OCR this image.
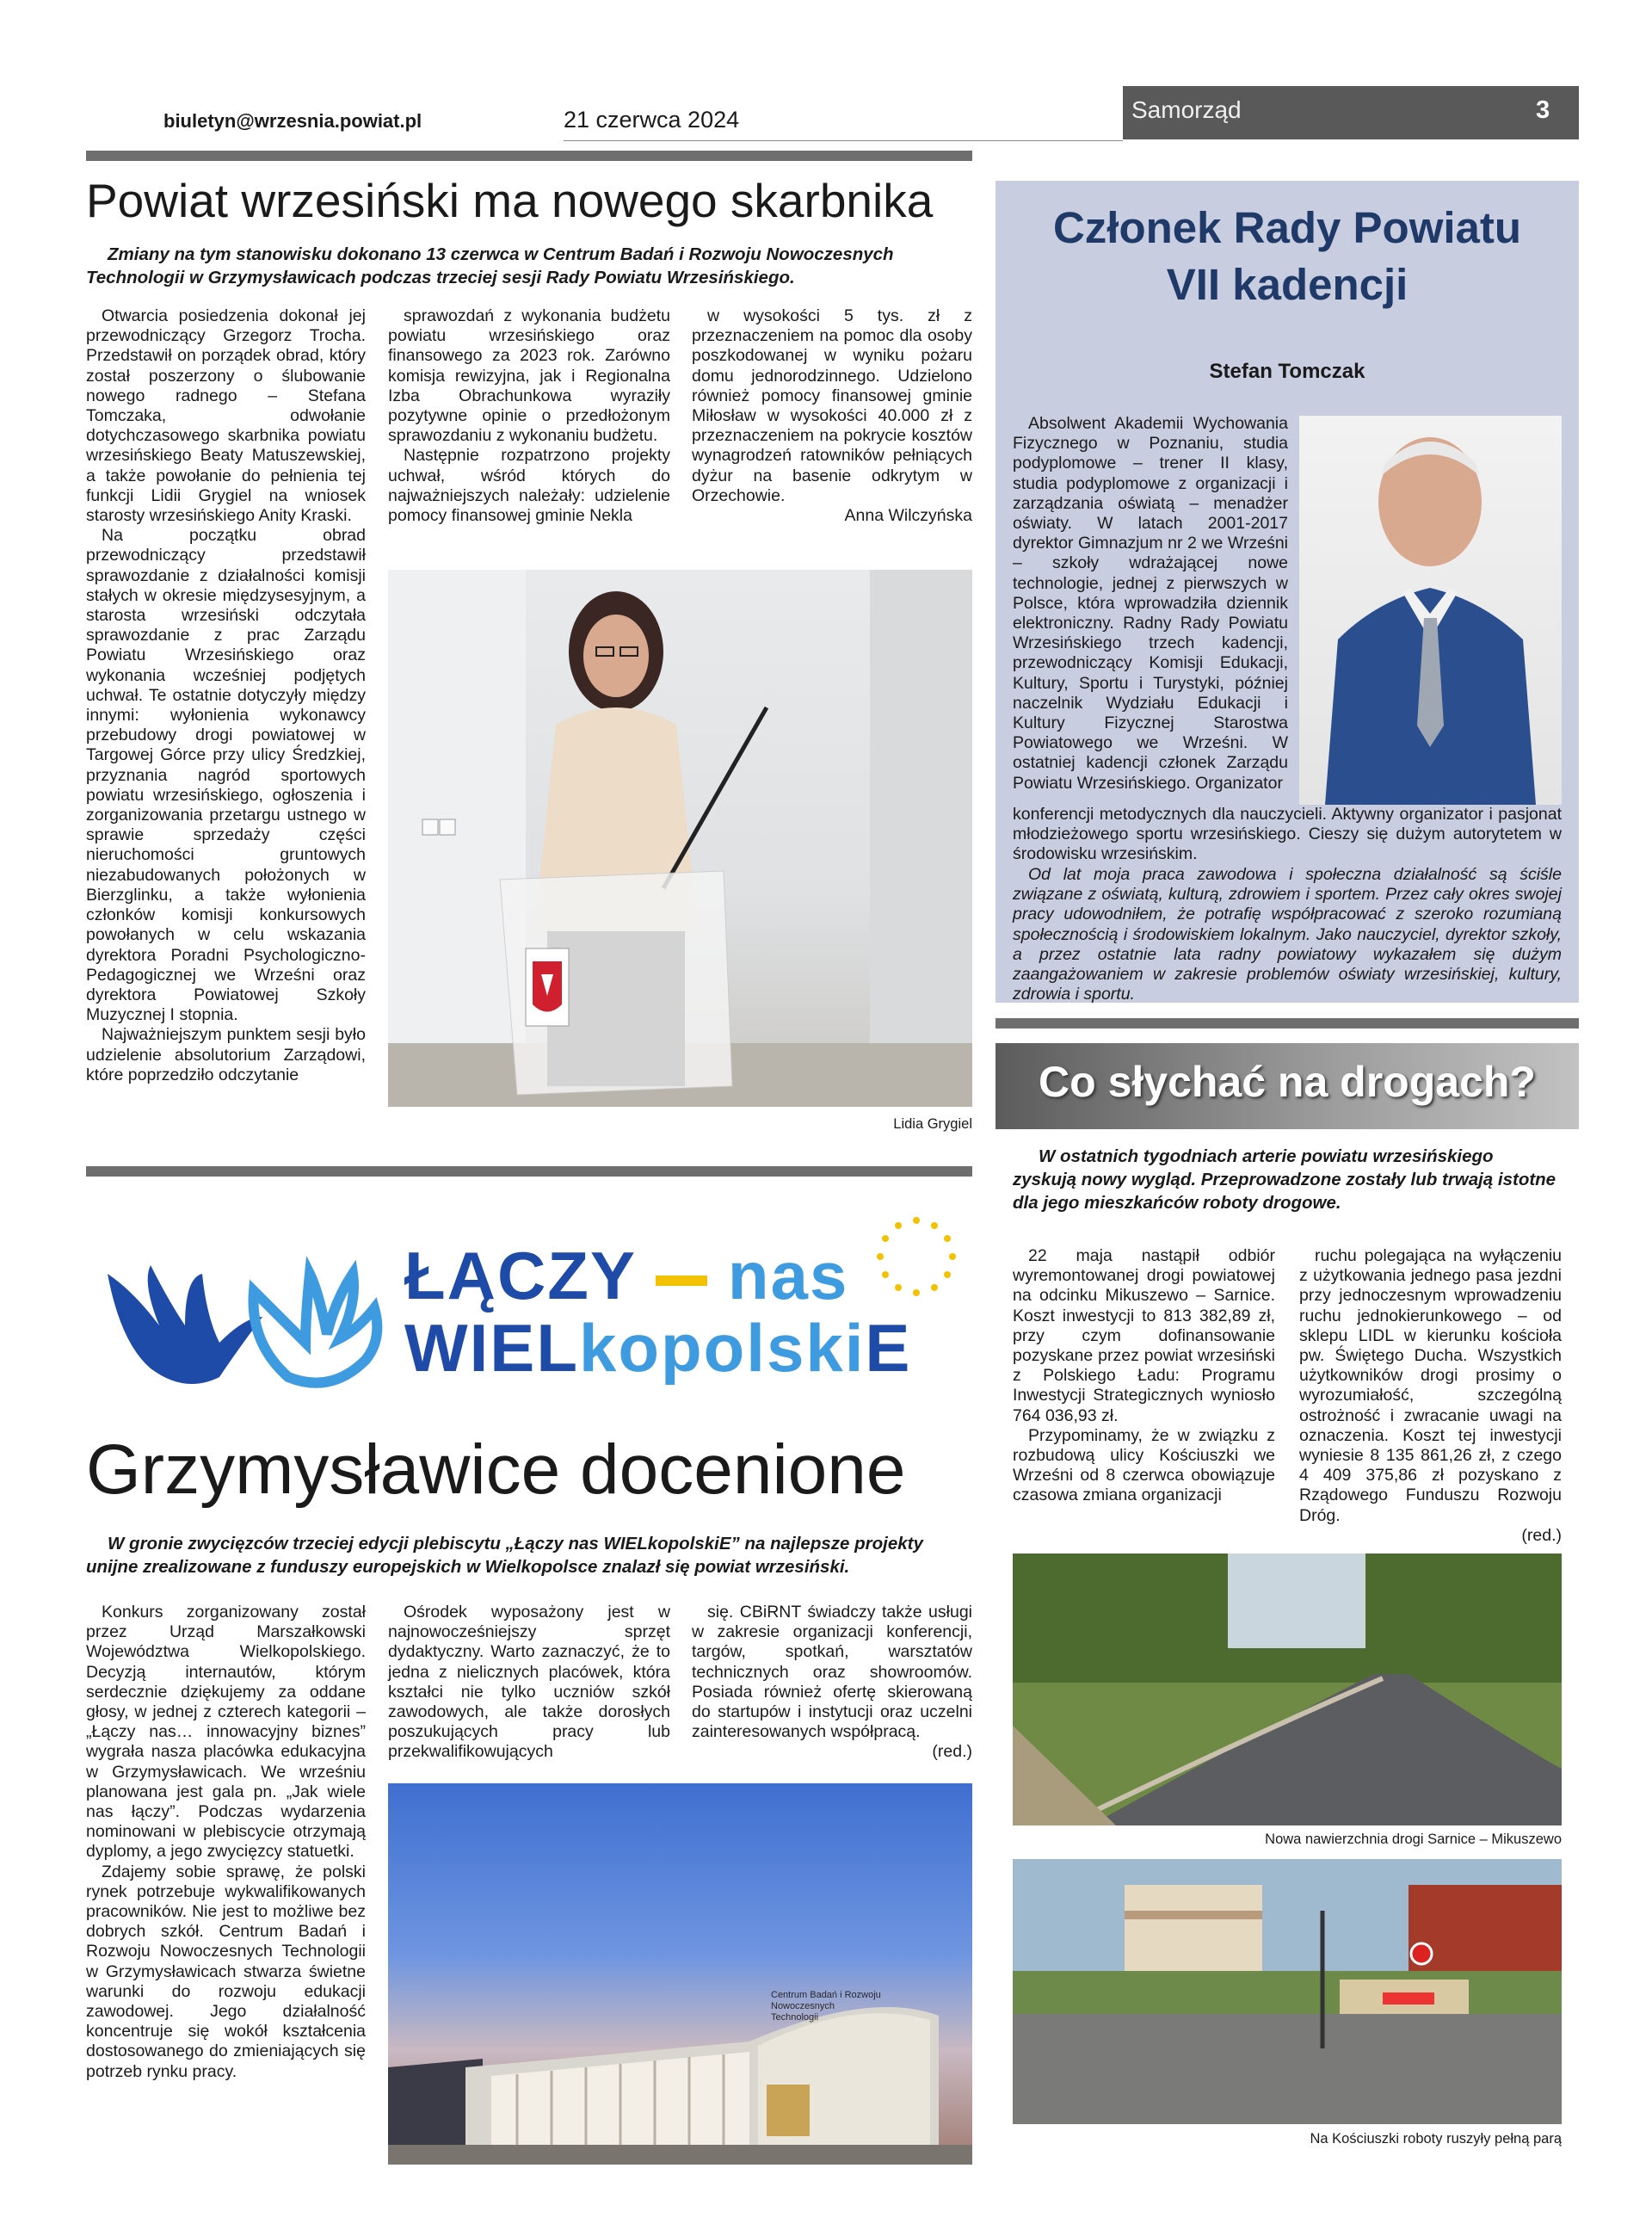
biuletyn@wrzesnia.powiat.pl	21 czerwca 2024	Samorząd	3
Powiat wrzesiński ma nowego skarbnika
Zmiany na tym stanowisku dokonano 13 czerwca w Centrum Badań i Rozwoju Nowoczesnych Technologii w Grzymysławicach podczas trzeciej sesji Rady Powiatu Wrzesińskiego.

Otwarcia posiedzenia dokonał jej przewodniczący Grzegorz Trocha. Przedstawił on porządek obrad, który został poszerzony o ślubowanie nowego radnego – Stefana Tomczaka, odwołanie dotychczasowego skarbnika powiatu wrzesińskiego Beaty Matuszewskiej, a także powołanie do pełnienia tej funkcji Lidii Grygiel na wniosek starosty wrzesińskiego Anity Kraski.

Na początku obrad przewodniczący przedstawił sprawozdanie z działalności komisji stałych w okresie międzysesyjnym, a starosta wrzesiński odczytała sprawozdanie z prac Zarządu Powiatu Wrzesińskiego oraz wykonania wcześniej podjętych uchwał. Te ostatnie dotyczyły między innymi: wyłonienia wykonawcy przebudowy drogi powiatowej w Targowej Górce przy ulicy Średzkiej, przyznania nagród sportowych powiatu wrzesińskiego, ogłoszenia i zorganizowania przetargu ustnego w sprawie sprzedaży części nieruchomości gruntowych niezabudowanych położonych w Bierzglinku, a także wyłonienia członków komisji konkursowych powołanych w celu wskazania dyrektora Poradni Psychologiczno-Pedagogicznej we Wrześni oraz dyrektora Powiatowej Szkoły Muzycznej I stopnia.

Najważniejszym punktem sesji było udzielenie absolutorium Zarządowi, które poprzedziło odczytanie

sprawozdań z wykonania budżetu powiatu wrzesińskiego oraz finansowego za 2023 rok. Zarówno komisja rewizyjna, jak i Regionalna Izba Obrachunkowa wyraziły pozytywne opinie o przedłożonym sprawozdaniu z wykonaniu budżetu.

Następnie rozpatrzono projekty uchwał, wśród których do najważniejszych należały: udzielenie pomocy finansowej gminie Nekla

w wysokości 5 tys. zł z przeznaczeniem na pomoc dla osoby poszkodowanej w wyniku pożaru domu jednorodzinnego. Udzielono również pomocy finansowej gminie Miłosław w wysokości 40.000 zł z przeznaczeniem na pokrycie kosztów wynagrodzeń ratowników pełniących dyżur na basenie odkrytym w Orzechowie.

Anna Wilczyńska

Lidia Grygiel
Członek Rady Powiatu
VII kadencji
Stefan Tomczak
Absolwent Akademii Wychowania Fizycznego w Poznaniu, studia podyplomowe – trener II klasy, studia podyplomowe z organizacji i zarządzania oświatą – menadżer oświaty. W latach 2001-2017 dyrektor Gimnazjum nr 2 we Wrześni – szkoły wdrażającej nowe technologie, jednej z pierwszych w Polsce, która wprowadziła dziennik elektroniczny. Radny Rady Powiatu Wrzesińskiego trzech kadencji, przewodniczący Komisji Edukacji, Kultury, Sportu i Turystyki, później naczelnik Wydziału Edukacji i Kultury Fizycznej Starostwa Powiatowego we Wrześni. W ostatniej kadencji członek Zarządu Powiatu Wrzesińskiego. Organizator
Od lat moja praca zawodowa i społeczna działalność są ściśle związane z oświatą, kulturą, zdrowiem i sportem. Przez cały okres swojej pracy udowodniłem, że potrafię współpracować z szeroko rozumianą społecznością i środowiskiem lokalnym. Jako nauczyciel, dyrektor szkoły, a przez ostatnie lata radny powiatowy wykazałem się dużym zaangażowaniem w zakresie problemów oświaty wrzesińskiej, kultury, zdrowia i sportu.
Co słychać na drogach?
W ostatnich tygodniach arterie powiatu wrzesińskiego zyskują nowy wygląd. Przeprowadzone zostały lub trwają istotne dla jego mieszkańców roboty drogowe.

22 maja nastąpił odbiór wyremontowanej drogi powiatowej na odcinku Mikuszewo – Sarnice. Koszt inwestycji to 813 382,89 zł, przy czym dofinansowanie pozyskane przez powiat wrzesiński z Polskiego Ładu: Programu Inwestycji Strategicznych wyniosło 764 036,93 zł.

Przypominamy, że w związku z rozbudową ulicy Kościuszki we Wrześni od 8 czerwca obowiązuje czasowa zmiana organizacji

ruchu polegająca na wyłączeniu z użytkowania jednego pasa jezdni przy jednoczesnym wprowadzeniu ruchu jednokierunkowego – od sklepu LIDL w kierunku kościoła pw. Świętego Ducha. Wszystkich użytkowników drogi prosimy o wyrozumiałość, szczególną ostrożność i zwracanie uwagi na oznaczenia. Koszt tej inwestycji wyniesie 8 135 861,26 zł, z czego 4 409 375,86 zł pozyskano z Rządowego Funduszu Rozwoju Dróg.

(red.)

Nowa nawierzchnia drogi Sarnice – Mikuszewo
Na Kościuszki roboty ruszyły pełną parą
ŁĄCZY nas
WIELkopolskiE
Grzymysławice docenione
W gronie zwycięzców trzeciej edycji plebiscytu „Łączy nas WIELkopolskiE” na najlepsze projekty unijne zrealizowane z funduszy europejskich w Wielkopolsce znalazł się powiat wrzesiński.

Konkurs zorganizowany został przez Urząd Marszałkowski Województwa Wielkopolskiego. Decyzją internautów, którym serdecznie dziękujemy za oddane głosy, w jednej z czterech kategorii – „Łączy nas… innowacyjny biznes” wygrała nasza placówka edukacyjna w Grzymysławicach. We wrześniu planowana jest gala pn. „Jak wiele nas łączy”. Podczas wydarzenia nominowani w plebiscycie otrzymają dyplomy, a jego zwycięzcy statuetki.

Zdajemy sobie sprawę, że polski rynek potrzebuje wykwalifikowanych pracowników. Nie jest to możliwe bez dobrych szkół. Centrum Badań i Rozwoju Nowoczesnych Technologii w Grzymysławicach stwarza świetne warunki do rozwoju edukacji zawodowej. Jego działalność koncentruje się wokół kształcenia dostosowanego do zmieniających się potrzeb rynku pracy.

Ośrodek wyposażony jest w najnowocześniejszy sprzęt dydaktyczny. Warto zaznaczyć, że to jedna z nielicznych placówek, która kształci nie tylko uczniów szkół zawodowych, ale także dorosłych poszukujących pracy lub przekwalifikowujących

się. CBiRNT świadczy także usługi w zakresie organizacji konferencji, targów, spotkań, warsztatów technicznych oraz showroomów. Posiada również ofertę skierowaną do startupów i instytucji oraz uczelni zainteresowanych współpracą.

(red.)

Centrum Badań i Rozwoju Nowoczesnych Technologii
konferencji metodycznych dla nauczycieli. Aktywny organizator i pasjonat młodzieżowego sportu wrzesińskiego. Cieszy się dużym autorytetem w środowisku wrzesińskim.
